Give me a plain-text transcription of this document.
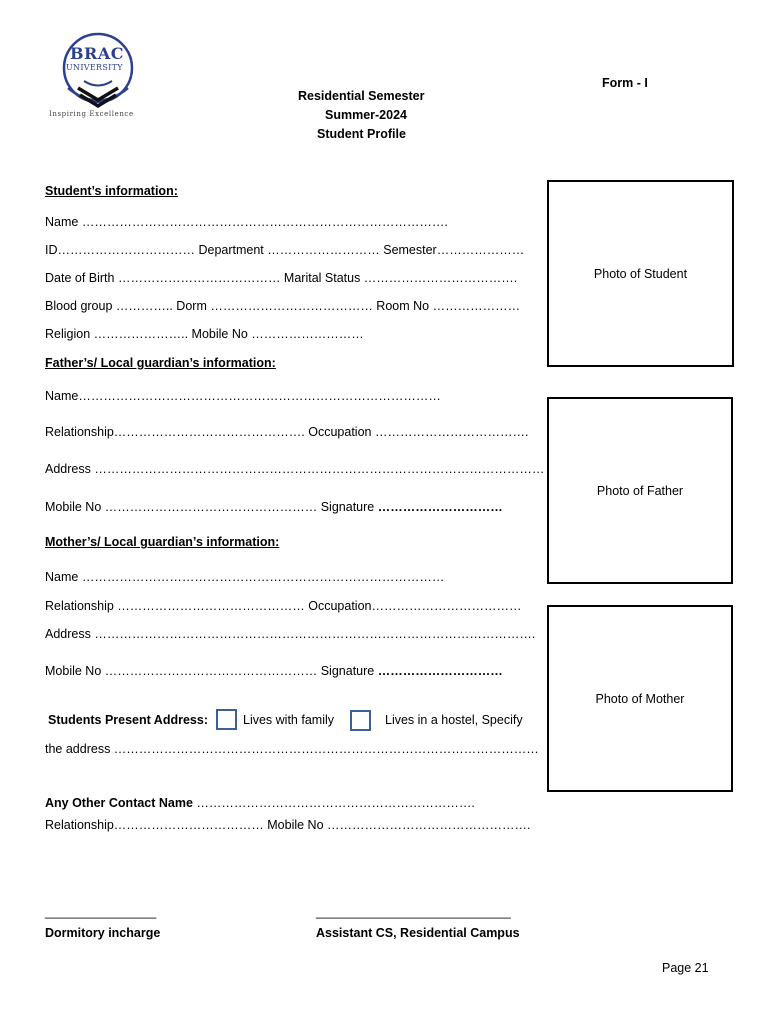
BRAC
UNIVERSITY
Inspiring Excellence
Residential Semester
Summer-2024
Student Profile
Form - I
Student’s information:
Name …………………………………………………………………………….
ID…………………………… Department ……………………… Semester…………………
Date of Birth ………………………………… Marital Status ……………………………….
Blood group ………….. Dorm ………………………………… Room No …………………
Religion ………………….. Mobile No ………………………
Father’s/ Local guardian’s information:
Name……………………………………………………………………………
Relationship………………………………………. Occupation ……………………………….
Address ………………………………………………………………………………………………
Mobile No …………………………………………… Signature …………………………
Mother’s/ Local guardian’s information:
Name ……………………………………………………………………………
Relationship ……………………………………… Occupation………………………………
Address …………………………………………………………………………………………….
Mobile No …………………………………………… Signature …………………………
Students Present Address:	Lives with family	Lives in a hostel, Specify
the address …………………………………………………………………………………………
Any Other Contact Name ………………………………………………………….
Relationship……………………………… Mobile No ………………………………………….
Photo of Student
Photo of Father
Photo of Mother
________________
Dormitory incharge
____________________________
Assistant CS, Residential Campus
Page 21
